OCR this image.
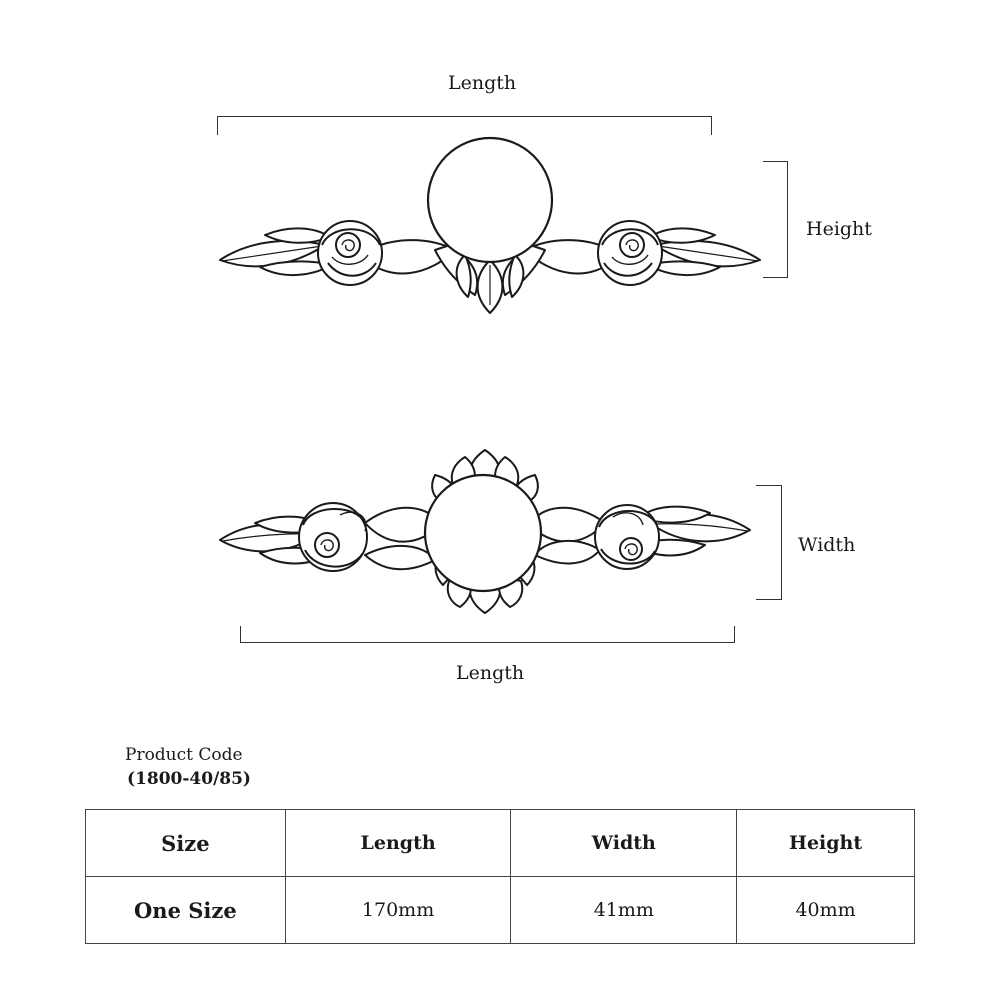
Length
Height
Width
Length
Product Code
(1800-40/85)
Size	Length	Width	Height
One Size	170mm	41mm	40mm
